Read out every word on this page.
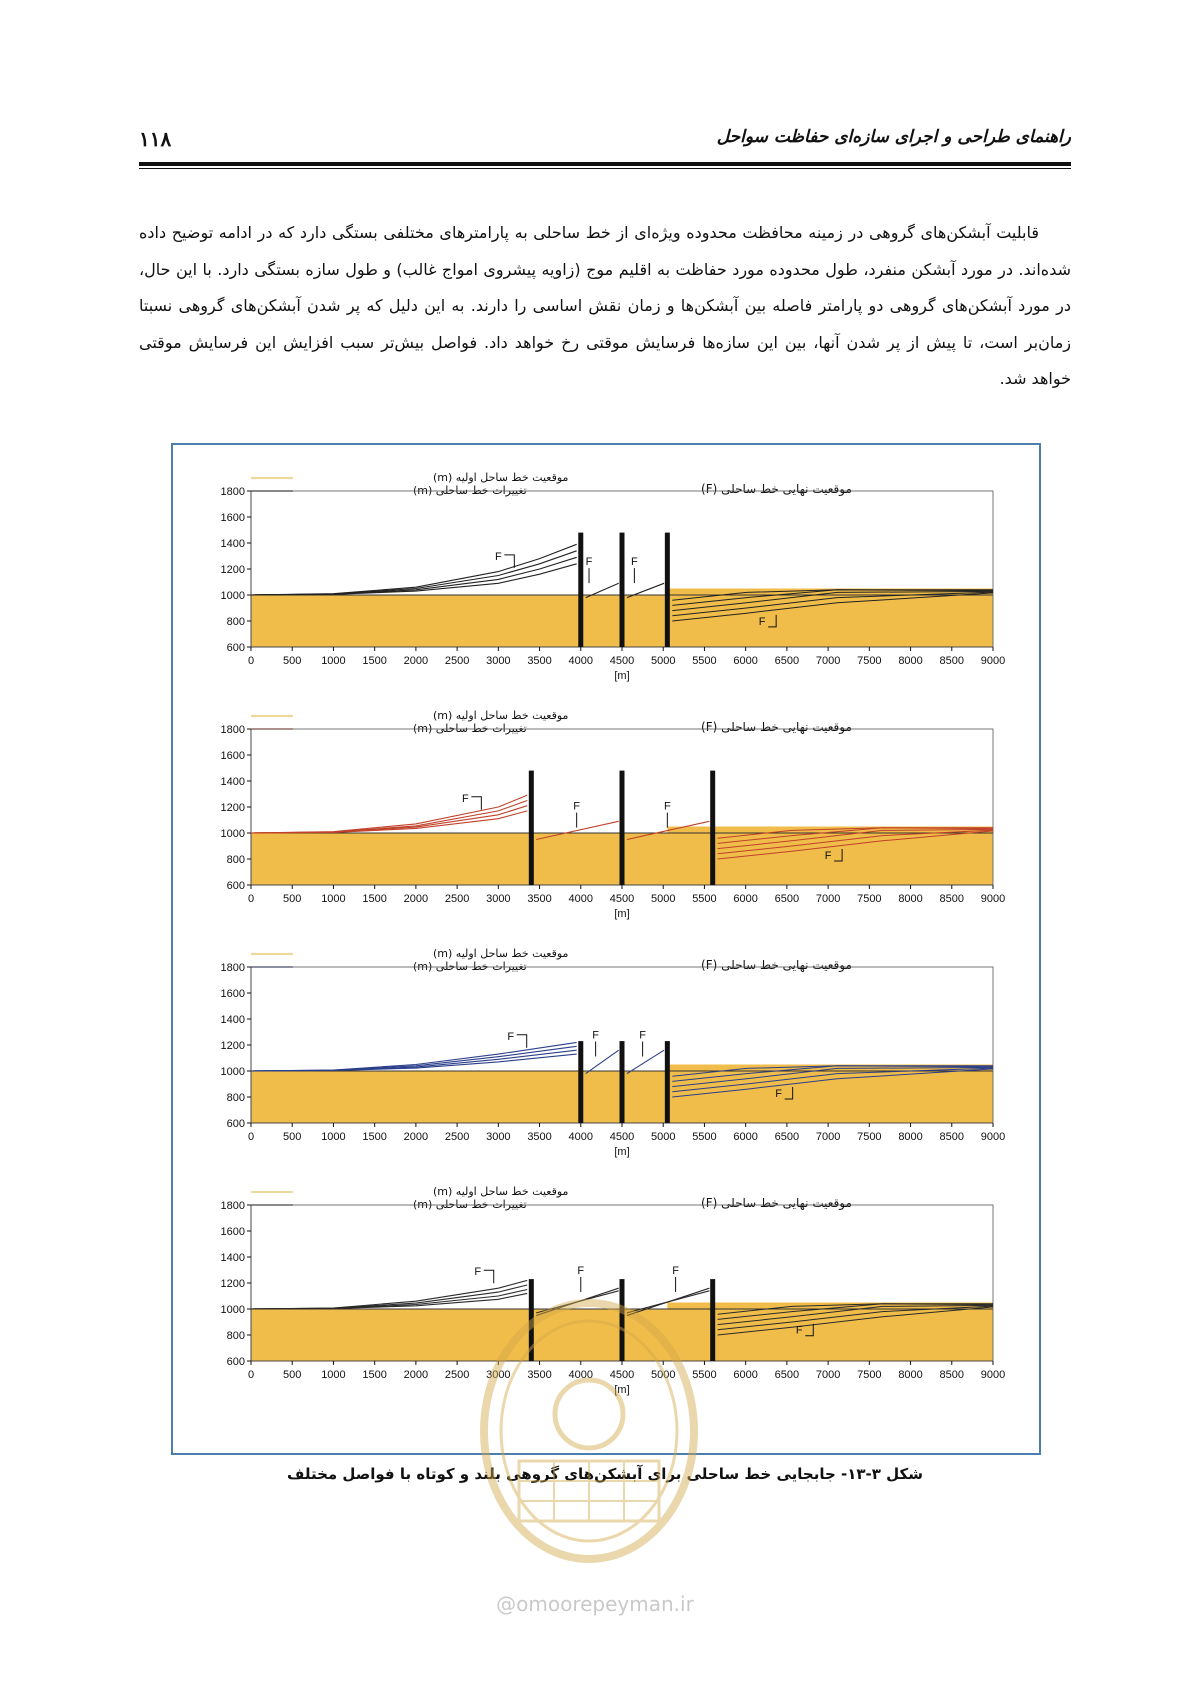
راهنمای طراحی و اجرای سازه‌ای حفاظت سواحل
۱۱۸
قابلیت آبشکن‌های گروهی در زمینه محافظت محدوده ویژه‌ای از خط ساحلی به پارامترهای مختلفی بستگی دارد که در ادامه توضیح داده شده‌اند. در مورد آبشکن منفرد، طول محدوده مورد حفاظت به اقلیم موج (زاویه پیشروی امواج غالب) و طول سازه بستگی دارد. با این حال، در مورد آبشکن‌های گروهی دو پارامتر فاصله بین آبشکن‌ها و زمان نقش اساسی را دارند. به این دلیل که پر شدن آبشکن‌های گروهی نسبتا زمان‌بر است، تا پیش از پر شدن آنها، بین این سازه‌ها فرسایش موقتی رخ خواهد داد. فواصل بیش‌تر سبب افزایش این فرسایش موقتی خواهد شد.
موقعیت خط ساحل اولیه (m)
تغییرات خط ساحلی (m)	موقعیت نهایی خط ساحلی (F)
1800
1600
1400
1200
1000
800
600
0	500 1000 1500 2000 2500 3000 3500 4000 4500 5000 5500 6000 6500 7000 7500 8000 8500 9000
[m]
F	F	F
F
موقعیت خط ساحل اولیه (m)
تغییرات خط ساحلی (m)	موقعیت نهایی خط ساحلی (F)
1800
1600
1400
1200
1000
800
600
0	500 1000 1500 2000 2500 3000 3500 4000 4500 5000 5500 6000 6500 7000 7500 8000 8500 9000
[m]
F
F	F
F
موقعیت خط ساحل اولیه (m)
تغییرات خط ساحلی (m)	موقعیت نهایی خط ساحلی (F)
1800
1600
1400
1200
1000
800
600
0	500 1000 1500 2000 2500 3000 3500 4000 4500 5000 5500 6000 6500 7000 7500 8000 8500 9000
[m]
F	F	F
F
موقعیت خط ساحل اولیه (m)
تغییرات خط ساحلی (m)	موقعیت نهایی خط ساحلی (F)
1800
1600
1400
1200
1000
800
600
0	500 1000 1500 2000 2500 3000 3500 4000 4500 5000 5500 6000 6500 7000 7500 8000 8500 9000
[m]
F	F	F
F
شکل ۳-۱۳- جابجایی خط ساحلی برای آبشکن‌های گروهی بلند و کوتاه با فواصل مختلف
@omoorepeyman.ir
